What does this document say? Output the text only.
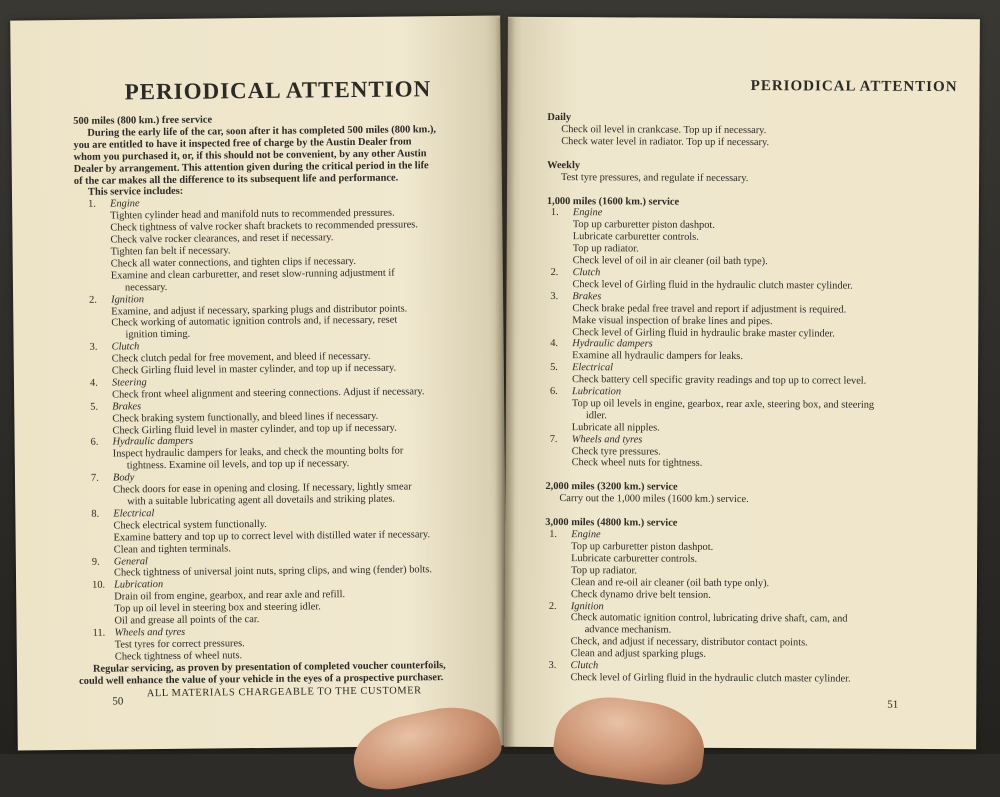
PERIODICAL ATTENTION

500 miles (800 km.) free service

During the early life of the car, soon after it has completed 500 miles (800 km.),

you are entitled to have it inspected free of charge by the Austin Dealer from

whom you purchased it, or, if this should not be convenient, by any other Austin

Dealer by arrangement. This attention given during the critical period in the life

of the car makes all the difference to its subsequent life and performance.

This service includes:

1. Engine

Tighten cylinder head and manifold nuts to recommended pressures.

Check tightness of valve rocker shaft brackets to recommended pressures.

Check valve rocker clearances, and reset if necessary.

Tighten fan belt if necessary.

Check all water connections, and tighten clips if necessary.

Examine and clean carburetter, and reset slow-running adjustment if

necessary.

2. Ignition

Examine, and adjust if necessary, sparking plugs and distributor points.

Check working of automatic ignition controls and, if necessary, reset

ignition timing.

3. Clutch

Check clutch pedal for free movement, and bleed if necessary.

Check Girling fluid level in master cylinder, and top up if necessary.

4. Steering

Check front wheel alignment and steering connections. Adjust if necessary.

5. Brakes

Check braking system functionally, and bleed lines if necessary.

Check Girling fluid level in master cylinder, and top up if necessary.

6. Hydraulic dampers

Inspect hydraulic dampers for leaks, and check the mounting bolts for

tightness. Examine oil levels, and top up if necessary.

7. Body

Check doors for ease in opening and closing. If necessary, lightly smear

with a suitable lubricating agent all dovetails and striking plates.

8. Electrical

Check electrical system functionally.

Examine battery and top up to correct level with distilled water if necessary.

Clean and tighten terminals.

9. General

Check tightness of universal joint nuts, spring clips, and wing (fender) bolts.

10. Lubrication

Drain oil from engine, gearbox, and rear axle and refill.

Top up oil level in steering box and steering idler.

Oil and grease all points of the car.

11. Wheels and tyres

Test tyres for correct pressures.

Check tightness of wheel nuts.

Regular servicing, as proven by presentation of completed voucher counterfoils,

could well enhance the value of your vehicle in the eyes of a prospective purchaser.

ALL MATERIALS CHARGEABLE TO THE CUSTOMER

50
PERIODICAL ATTENTION

Daily

Check oil level in crankcase. Top up if necessary.

Check water level in radiator. Top up if necessary.

Weekly

Test tyre pressures, and regulate if necessary.

1,000 miles (1600 km.) service

1. Engine

Top up carburetter piston dashpot.

Lubricate carburetter controls.

Top up radiator.

Check level of oil in air cleaner (oil bath type).

2. Clutch

Check level of Girling fluid in the hydraulic clutch master cylinder.

3. Brakes

Check brake pedal free travel and report if adjustment is required.

Make visual inspection of brake lines and pipes.

Check level of Girling fluid in hydraulic brake master cylinder.

4. Hydraulic dampers

Examine all hydraulic dampers for leaks.

5. Electrical

Check battery cell specific gravity readings and top up to correct level.

6. Lubrication

Top up oil levels in engine, gearbox, rear axle, steering box, and steering

idler.

Lubricate all nipples.

7. Wheels and tyres

Check tyre pressures.

Check wheel nuts for tightness.

2,000 miles (3200 km.) service

Carry out the 1,000 miles (1600 km.) service.

3,000 miles (4800 km.) service

1. Engine

Top up carburetter piston dashpot.

Lubricate carburetter controls.

Top up radiator.

Clean and re-oil air cleaner (oil bath type only).

Check dynamo drive belt tension.

2. Ignition

Check automatic ignition control, lubricating drive shaft, cam, and

advance mechanism.

Check, and adjust if necessary, distributor contact points.

Clean and adjust sparking plugs.

3. Clutch

Check level of Girling fluid in the hydraulic clutch master cylinder.

51
